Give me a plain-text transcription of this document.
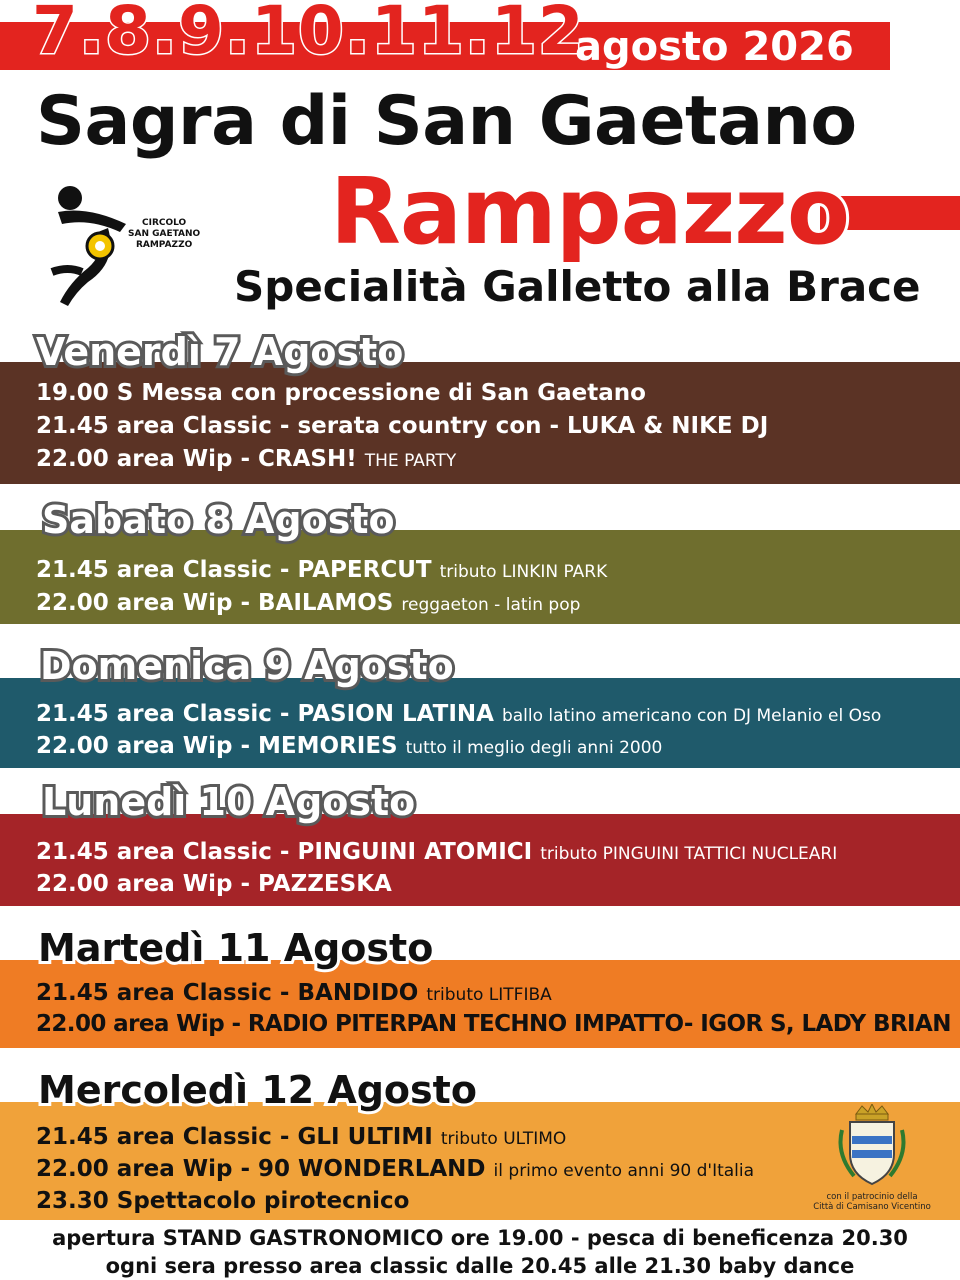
7.8.9.10.11.12
agosto 2026
Sagra di San Gaetano
Rampazzo
Specialità Galletto alla Brace
CIRCOLO
SAN GAETANO
RAMPAZZO
Venerdì 7 Agosto
19.00 S Messa con processione di San Gaetano
21.45 area Classic - serata country con - LUKA & NIKE DJ
22.00 area Wip - CRASH! THE PARTY
Sabato 8 Agosto
21.45 area Classic - PAPERCUT tributo LINKIN PARK
22.00 area Wip - BAILAMOS reggaeton - latin pop
Domenica 9 Agosto
21.45 area Classic - PASION LATINA ballo latino americano con DJ Melanio el Oso
22.00 area Wip - MEMORIES tutto il meglio degli anni 2000
Lunedì 10 Agosto
21.45 area Classic - PINGUINI ATOMICI tributo PINGUINI TATTICI NUCLEARI
22.00 area Wip - PAZZESKA
Martedì 11 Agosto
21.45 area Classic - BANDIDO tributo LITFIBA
22.00 area Wip - RADIO PITERPAN TECHNO IMPATTO- IGOR S, LADY BRIAN
Mercoledì 12 Agosto
21.45 area Classic - GLI ULTIMI tributo ULTIMO
22.00 area Wip - 90 WONDERLAND il primo evento anni 90 d'Italia
23.30 Spettacolo pirotecnico	con il patrocinio della
Città di Camisano Vicentino
apertura STAND GASTRONOMICO ore 19.00 - pesca di beneficenza 20.30
ogni sera presso area classic dalle 20.45 alle 21.30 baby dance
